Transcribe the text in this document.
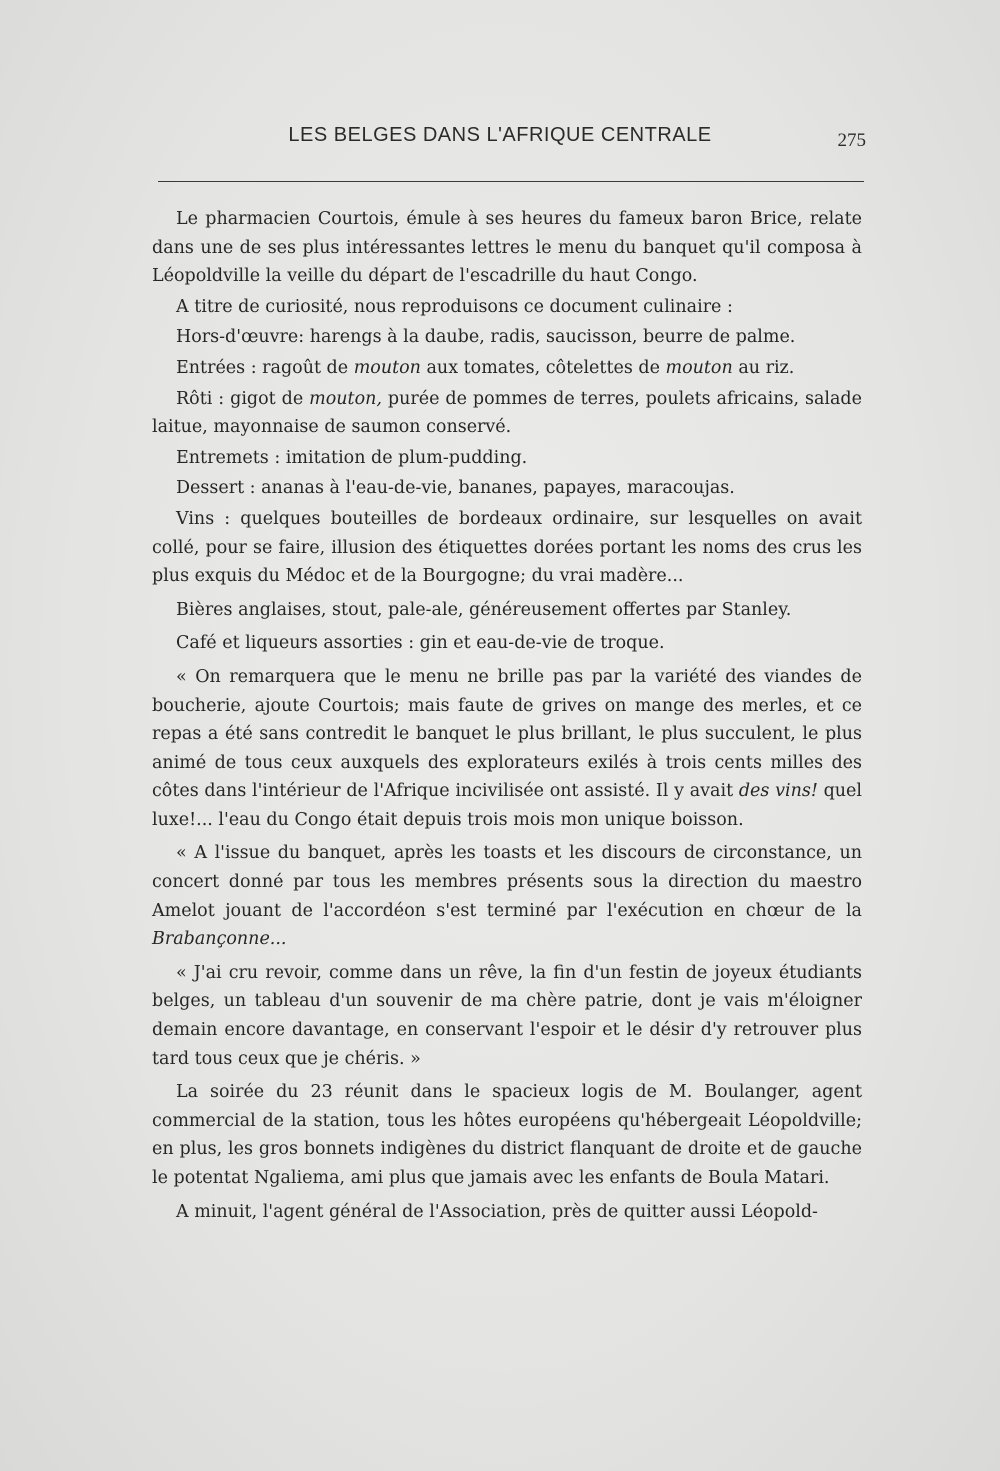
LES BELGES DANS L'AFRIQUE CENTRALE	275

Le pharmacien Courtois, émule à ses heures du fameux baron Brice, relate dans une de ses plus intéressantes lettres le menu du banquet qu'il composa à Léopoldville la veille du départ de l'escadrille du haut Congo.

A titre de curiosité, nous reproduisons ce document culinaire :

Hors-d'œuvre: harengs à la daube, radis, saucisson, beurre de palme.

Entrées : ragoût de mouton aux tomates, côtelettes de mouton au riz.

Rôti : gigot de mouton, purée de pommes de terres, poulets africains, salade laitue, mayonnaise de saumon conservé.

Entremets : imitation de plum-pudding.

Dessert : ananas à l'eau-de-vie, bananes, papayes, maracoujas.

Vins : quelques bouteilles de bordeaux ordinaire, sur lesquelles on avait collé, pour se faire, illusion des étiquettes dorées portant les noms des crus les plus exquis du Médoc et de la Bourgogne; du vrai madère...

Bières anglaises, stout, pale-ale, généreusement offertes par Stanley.

Café et liqueurs assorties : gin et eau-de-vie de troque.

« On remarquera que le menu ne brille pas par la variété des viandes de boucherie, ajoute Courtois; mais faute de grives on mange des merles, et ce repas a été sans contredit le banquet le plus brillant, le plus succulent, le plus animé de tous ceux auxquels des explorateurs exilés à trois cents milles des côtes dans l'intérieur de l'Afrique incivilisée ont assisté. Il y avait des vins! quel luxe!... l'eau du Congo était depuis trois mois mon unique boisson.

« A l'issue du banquet, après les toasts et les discours de circonstance, un concert donné par tous les membres présents sous la direction du maestro Amelot jouant de l'accordéon s'est terminé par l'exécution en chœur de la Brabançonne...

« J'ai cru revoir, comme dans un rêve, la fin d'un festin de joyeux étudiants belges, un tableau d'un souvenir de ma chère patrie, dont je vais m'éloigner demain encore davantage, en conservant l'espoir et le désir d'y retrouver plus tard tous ceux que je chéris. »

La soirée du 23 réunit dans le spacieux logis de M. Boulanger, agent commercial de la station, tous les hôtes européens qu'hébergeait Léopoldville; en plus, les gros bonnets indigènes du district flanquant de droite et de gauche le potentat Ngaliema, ami plus que jamais avec les enfants de Boula Matari.

A minuit, l'agent général de l'Association, près de quitter aussi Léopold-
